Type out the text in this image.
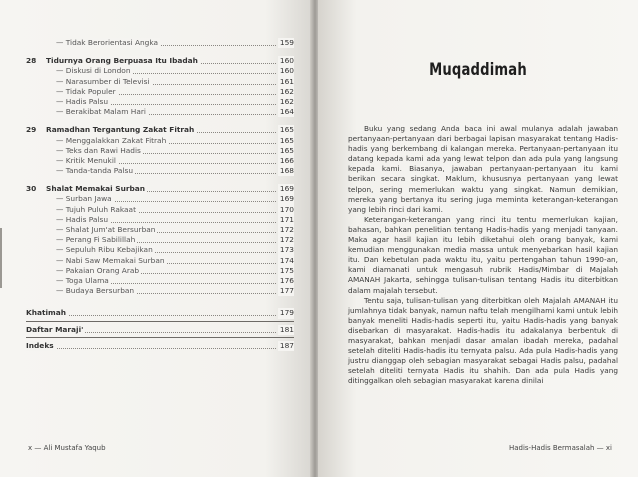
— Tidak Berorientasi Angka	159
28 Tidurnya Orang Berpuasa Itu Ibadah	160
— Diskusi di London	160
— Narasumber di Televisi	161
— Tidak Populer	162
— Hadis Palsu	162
— Berakibat Malam Hari	164
29 Ramadhan Tergantung Zakat Fitrah	165
— Menggalakkan Zakat Fitrah	165
— Teks dan Rawi Hadis	165
— Kritik Menukil	166
— Tanda-tanda Palsu	168
30 Shalat Memakai Surban	169
— Surban Jawa	169
— Tujuh Puluh Rakaat	170
— Hadis Palsu	171
— Shalat Jum'at Bersurban	172
— Perang Fi Sabilillah	172
— Sepuluh Ribu Kebajikan	173
— Nabi Saw Memakai Surban	174
— Pakaian Orang Arab	175
— Toga Ulama	176
— Budaya Bersurban	177
Khatimah	179
Daftar Maraji'	181
Indeks	187
x — Ali Mustafa Yaqub
Muqaddimah

Buku yang sedang Anda baca ini awal mulanya adalah jawaban pertanyaan-pertanyaan dari berbagai lapisan masyarakat tentang Hadis-hadis yang berkembang di kalangan mereka. Pertanyaan-pertanyaan itu datang kepada kami ada yang lewat telpon dan ada pula yang langsung kepada kami. Biasanya, jawaban pertanyaan-pertanyaan itu kami berikan secara singkat. Maklum, khususnya pertanyaan yang lewat telpon, sering memerlukan waktu yang singkat. Namun demikian, mereka yang bertanya itu sering juga meminta keterangan-keterangan yang lebih rinci dari kami.

Keterangan-keterangan yang rinci itu tentu memerlukan kajian, bahasan, bahkan penelitian tentang Hadis-hadis yang menjadi tanyaan. Maka agar hasil kajian itu lebih diketahui oleh orang banyak, kami kemudian menggunakan media massa untuk menyebarkan hasil kajian itu. Dan kebetulan pada waktu itu, yaitu pertengahan tahun 1990-an, kami diamanati untuk mengasuh rubrik Hadis/Mimbar di Majalah AMANAH Jakarta, sehingga tulisan-tulisan tentang Hadis itu diterbitkan dalam majalah tersebut.

Tentu saja, tulisan-tulisan yang diterbitkan oleh Majalah AMANAH itu jumlahnya tidak banyak, namun naftu telah mengilhami kami untuk lebih banyak meneliti Hadis-hadis seperti itu, yaitu Hadis-hadis yang banyak disebarkan di masyarakat. Hadis-hadis itu adakalanya berbentuk di masyarakat, bahkan menjadi dasar amalan ibadah mereka, padahal setelah diteliti Hadis-hadis itu ternyata palsu. Ada pula Hadis-hadis yang justru dianggap oleh sebagian masyarakat sebagai Hadis palsu, padahal setelah diteliti ternyata Hadis itu shahih. Dan ada pula Hadis yang ditinggalkan oleh sebagian masyarakat karena dinilai

Hadis-Hadis Bermasalah — xi
